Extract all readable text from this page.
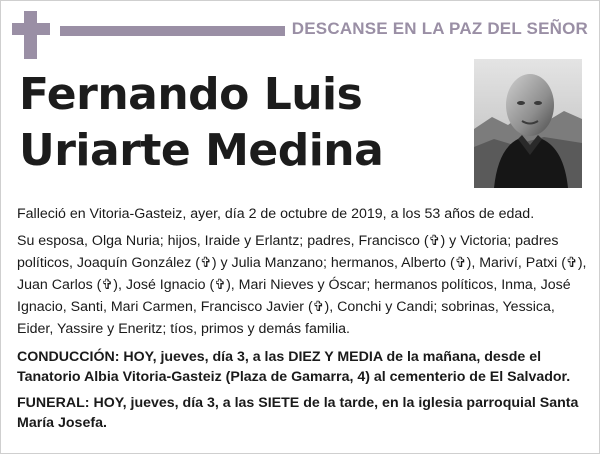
DESCANSE EN LA PAZ DEL SEÑOR
Fernando Luis
Uriarte Medina

Falleció en Vitoria-Gasteiz, ayer, día 2 de octubre de 2019, a los 53 años de edad.

Su esposa, Olga Nuria; hijos, Iraide y Erlantz; padres, Francisco (✞) y Victoria; padres políticos, Joaquín González (✞) y Julia Manzano; hermanos, Alberto (✞), Mariví, Patxi (✞), Juan Carlos (✞), José Ignacio (✞), Mari Nieves y Óscar; hermanos políticos, Inma, José Ignacio, Santi, Mari Carmen, Francisco Javier (✞), Conchi y Candi; sobrinas, Yessica, Eider, Yassire y Eneritz; tíos, primos y demás familia.

CONDUCCIÓN: HOY, jueves, día 3, a las DIEZ Y MEDIA de la mañana, desde el Tanatorio Albia Vitoria-Gasteiz (Plaza de Gamarra, 4) al cementerio de El Salvador.

FUNERAL: HOY, jueves, día 3, a las SIETE de la tarde, en la iglesia parroquial Santa María Josefa.
